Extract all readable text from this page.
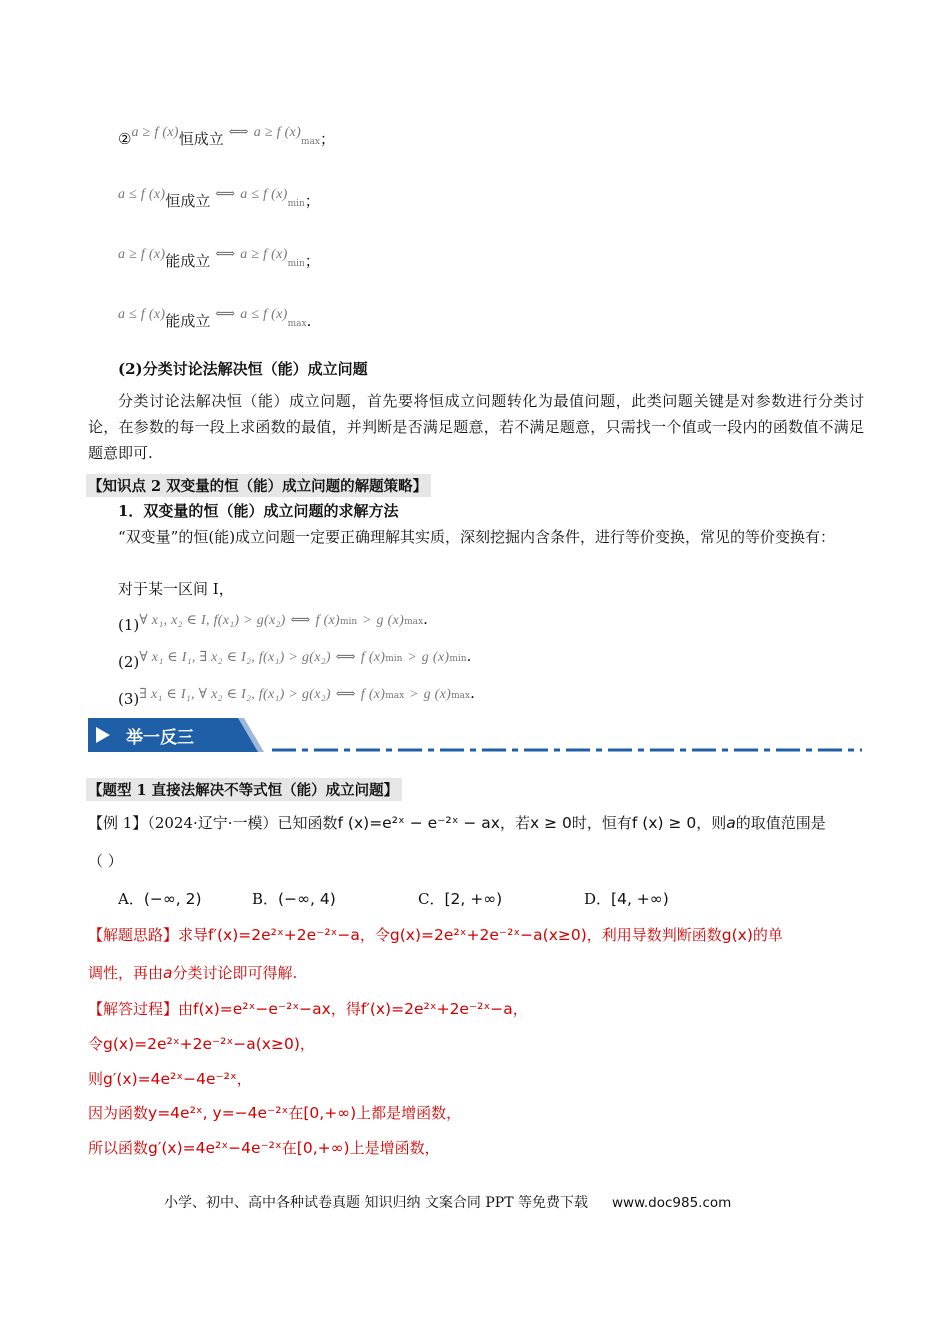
②a ≥ f (x)恒成立 ⟺ a ≥ f (x)max；
a ≤ f (x)恒成立 ⟺ a ≤ f (x)min；
a ≥ f (x)能成立 ⟺ a ≥ f (x)min；
a ≤ f (x)能成立 ⟺ a ≤ f (x)max.
(2)分类讨论法解决恒（能）成立问题
分类讨论法解决恒（能）成立问题，首先要将恒成立问题转化为最值问题，此类问题关键是对参数进行分类讨论，在参数的每一段上求函数的最值，并判断是否满足题意，若不满足题意，只需找一个值或一段内的函数值不满足题意即可.
【知识点 2 双变量的恒（能）成立问题的解题策略】
1．双变量的恒（能）成立问题的求解方法
“双变量”的恒(能)成立问题一定要正确理解其实质，深刻挖掘内含条件，进行等价变换，常见的等价变换有：
对于某一区间 I，
(1)∀ x₁, x₂ ∈ I, f(x₁) > g(x₂) ⟺ f (x)min > g (x)max.
(2)∀ x₁ ∈ I₁, ∃ x₂ ∈ I₂, f(x₁) > g(x₂) ⟺ f (x)min > g (x)min.
(3)∃ x₁ ∈ I₁, ∀ x₂ ∈ I₂, f(x₁) > g(x₂) ⟺ f (x)max > g (x)max.
举一反三
【题型 1 直接法解决不等式恒（能）成立问题】
【例 1】（2024·辽宁·一模）已知函数f (x)=e²ˣ − e⁻²ˣ − ax，若x ≥ 0时，恒有f (x) ≥ 0，则a的取值范围是
（ ）
A．(−∞, 2)	B．(−∞, 4)	C．[2, +∞)	D．[4, +∞)
【解题思路】求导f′(x)=2e²ˣ+2e⁻²ˣ−a，令g(x)=2e²ˣ+2e⁻²ˣ−a(x≥0)，利用导数判断函数g(x)的单
调性，再由a分类讨论即可得解.
【解答过程】由f(x)=e²ˣ−e⁻²ˣ−ax，得f′(x)=2e²ˣ+2e⁻²ˣ−a，
令g(x)=2e²ˣ+2e⁻²ˣ−a(x≥0)，
则g′(x)=4e²ˣ−4e⁻²ˣ，
因为函数y=4e²ˣ, y=−4e⁻²ˣ在[0,+∞)上都是增函数，
所以函数g′(x)=4e²ˣ−4e⁻²ˣ在[0,+∞)上是增函数，
小学、初中、高中各种试卷真题 知识归纳 文案合同 PPT 等免费下载 www.doc985.com
